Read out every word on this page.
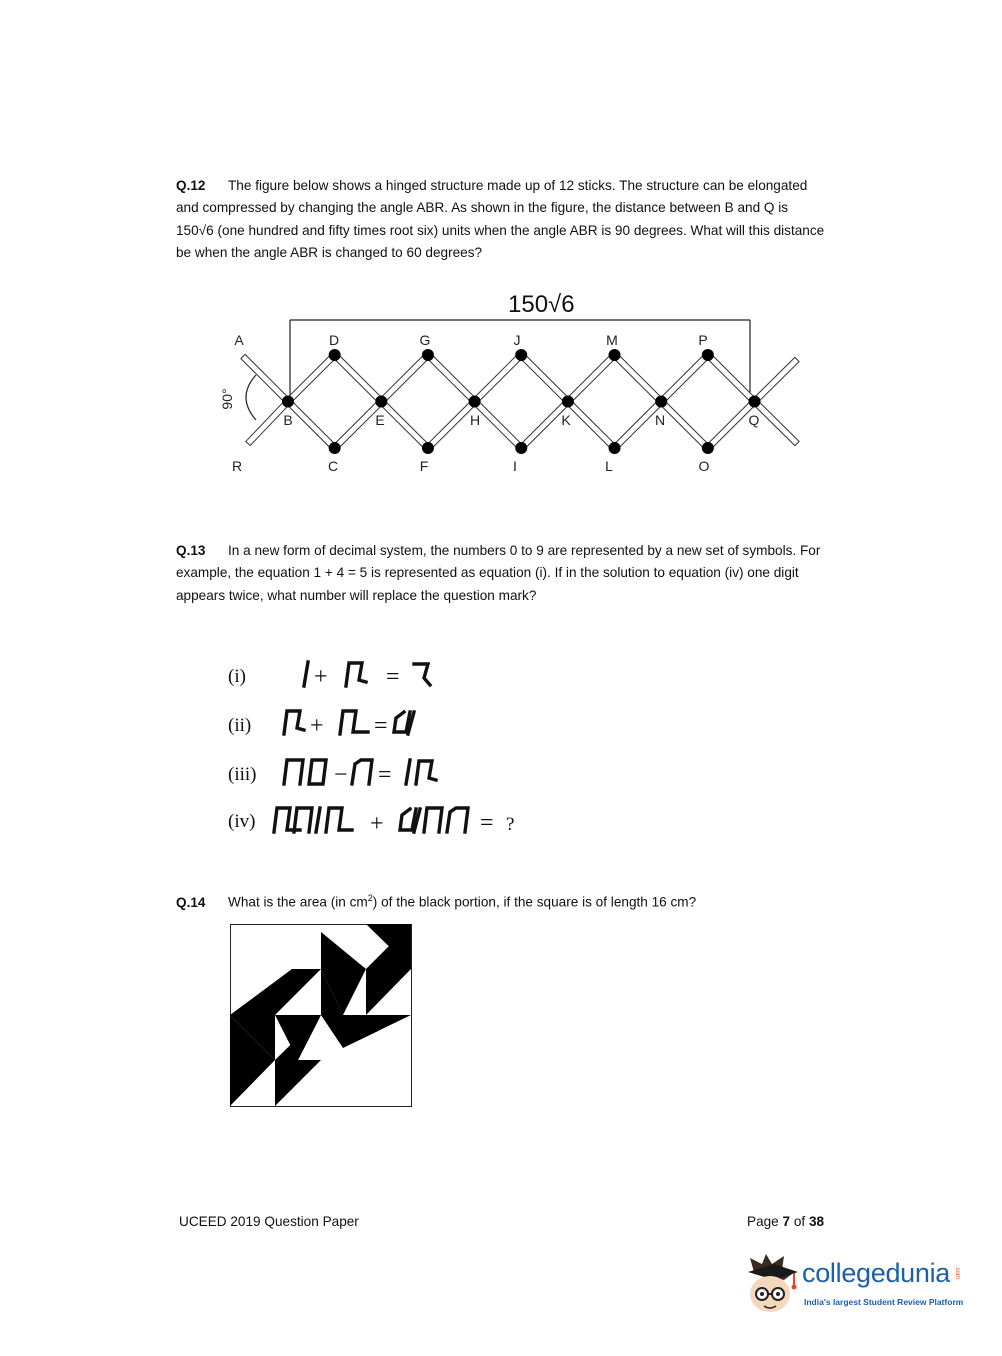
Q.12 The figure below shows a hinged structure made up of 12 sticks. The structure can be elongated and compressed by changing the angle ABR. As shown in the figure, the distance between B and Q is 150√6 (one hundred and fifty times root six) units when the angle ABR is 90 degrees. What will this distance be when the angle ABR is changed to 60 degrees?
150√6
90°
A	D	G	J	M	P
B	E	H	K	N	Q
R	C	F	I	L	O
Q.13 In a new form of decimal system, the numbers 0 to 9 are represented by a new set of symbols. For example, the equation 1 + 4 = 5 is represented as equation (i). If in the solution to equation (iv) one digit appears twice, what number will replace the question mark?
(i)	+ =
(ii) + =
(iii)	− =
(iv)	+	= ?
Q.14 What is the area (in $cm^2$) of the black portion, if the square is of length 16 cm?
UCEED 2019 Question Paper	Page 7 of 38
collegedunia .com
India's largest Student Review Platform
